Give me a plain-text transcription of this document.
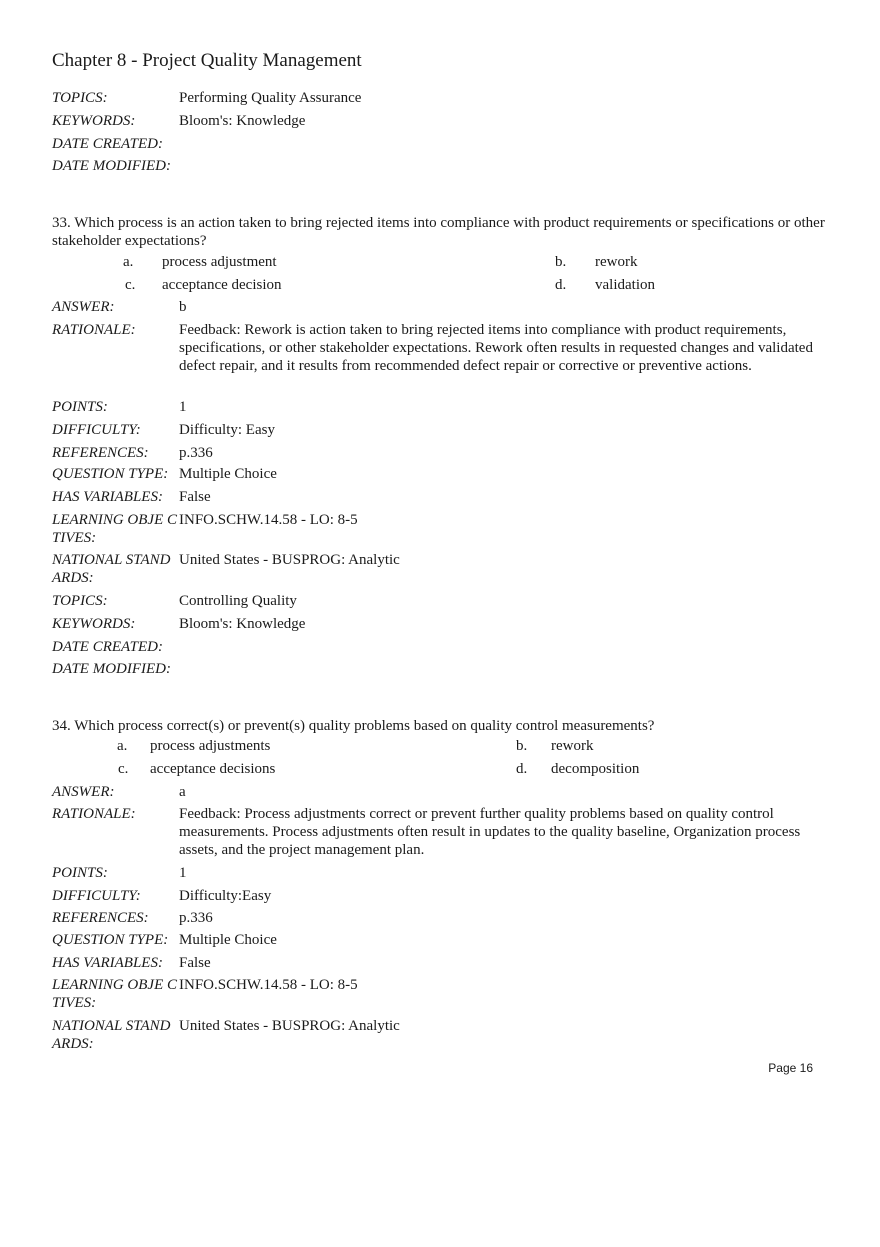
Chapter 8 - Project Quality Management
TOPICS:	Performing Quality Assurance
KEYWORDS:	Bloom's: Knowledge
DATE CREATED:
DATE MODIFIED:
33. Which process is an action taken to bring rejected items into compliance with product requirements or specifications or other stakeholder expectations?
a. process adjustment	b. rework
c. acceptance decision	d. validation
ANSWER:	b
RATIONALE:	Feedback: Rework is action taken to bring rejected items into compliance with product requirements, specifications, or other stakeholder expectations. Rework often results in requested changes and validated defect repair, and it results from recommended defect repair or corrective or preventive actions.
POINTS:	1
DIFFICULTY:	Difficulty: Easy
REFERENCES:	p.336
QUESTION TYPE: Multiple Choice
HAS VARIABLES:	False
LEARNING OBJE CTIVES:
INFO.SCHW.14.58 - LO: 8-5
NATIONAL STAND ARDS:
United States - BUSPROG: Analytic
TOPICS:	Controlling Quality
KEYWORDS:	Bloom's: Knowledge
DATE CREATED:
DATE MODIFIED:
34. Which process correct(s) or prevent(s) quality problems based on quality control measurements?
a. process adjustments	b. rework
c. acceptance decisions	d. decomposition
ANSWER:	a
RATIONALE:	Feedback: Process adjustments correct or prevent further quality problems based on quality control measurements. Process adjustments often result in updates to the quality baseline, Organization process assets, and the project management plan.
POINTS:	1
DIFFICULTY:	Difficulty:Easy
REFERENCES:	p.336
QUESTION TYPE: Multiple Choice
HAS VARIABLES:	False
LEARNING OBJE CTIVES:
INFO.SCHW.14.58 - LO: 8-5
NATIONAL STAND ARDS:
United States - BUSPROG: Analytic
Page 16
